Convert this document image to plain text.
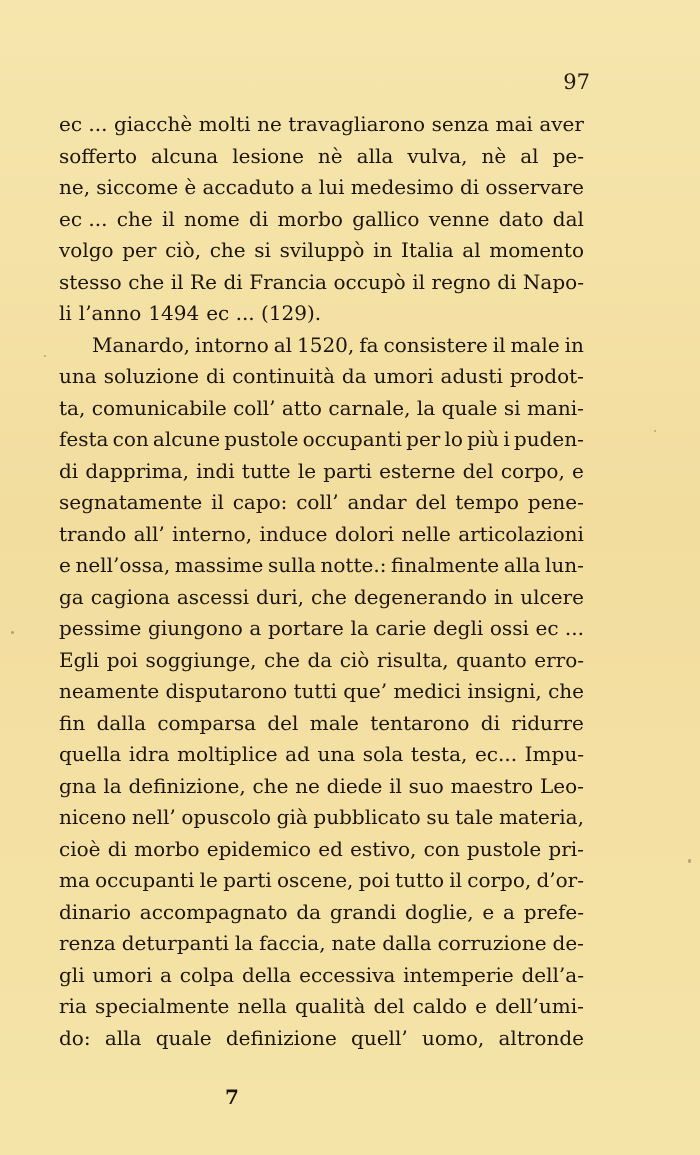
97
ec ... giacchè molti ne travagliarono senza mai aver
sofferto alcuna lesione nè alla vulva, nè al pe-
ne, siccome è accaduto a lui medesimo di osservare
ec ... che il nome di morbo gallico venne dato dal
volgo per ciò, che si sviluppò in Italia al momento
stesso che il Re di Francia occupò il regno di Napo-
li l’anno 1494 ec ... (129).
Manardo, intorno al 1520, fa consistere il male in
una soluzione di continuità da umori adusti prodot-
ta, comunicabile coll’ atto carnale, la quale si mani-
festa con alcune pustole occupanti per lo più i puden-
di dapprima, indi tutte le parti esterne del corpo, e
segnatamente il capo: coll’ andar del tempo pene-
trando all’ interno, induce dolori nelle articolazioni
e nell’ossa, massime sulla notte.: finalmente alla lun-
ga cagiona ascessi duri, che degenerando in ulcere
pessime giungono a portare la carie degli ossi ec ...
Egli poi soggiunge, che da ciò risulta, quanto erro-
neamente disputarono tutti que’ medici insigni, che
fin dalla comparsa del male tentarono di ridurre
quella idra moltiplice ad una sola testa, ec... Impu-
gna la definizione, che ne diede il suo maestro Leo-
niceno nell’ opuscolo già pubblicato su tale materia,
cioè di morbo epidemico ed estivo, con pustole pri-
ma occupanti le parti oscene, poi tutto il corpo, d’or-
dinario accompagnato da grandi doglie, e a prefe-
renza deturpanti la faccia, nate dalla corruzione de-
gli umori a colpa della eccessiva intemperie dell’a-
ria specialmente nella qualità del caldo e dell’umi-
do: alla quale definizione quell’ uomo, altronde
7
